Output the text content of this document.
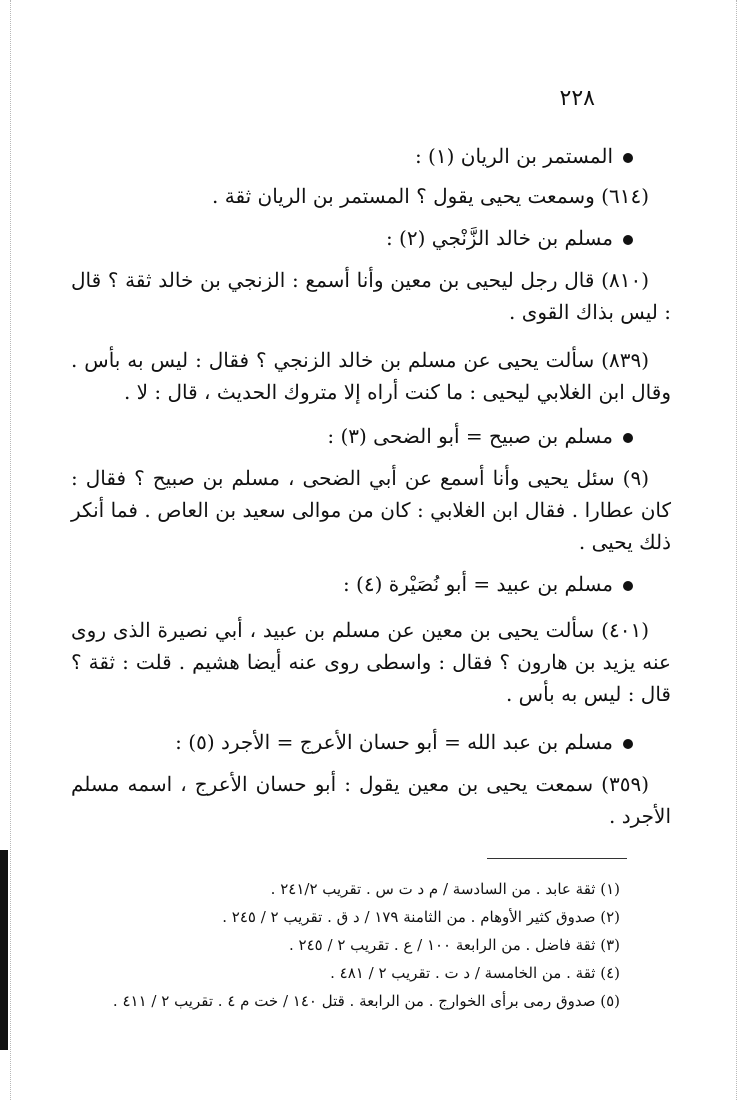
٢٢٨
المستمر بن الريان (١) :
(٦١٤) وسمعت يحيى يقول ؟ المستمر بن الريان ثقة .
مسلم بن خالد الزَّنْجي (٢) :
(٨١٠) قال رجل ليحيى بن معين وأنا أسمع : الزنجي بن خالد ثقة ؟ قال : ليس بذاك القوى .
(٨٣٩) سألت يحيى عن مسلم بن خالد الزنجي ؟ فقال : ليس به بأس . وقال ابن الغلابي ليحيى : ما كنت أراه إلا متروك الحديث ، قال : لا .
مسلم بن صبيح = أبو الضحى (٣) :
(٩) سئل يحيى وأنا أسمع عن أبي الضحى ، مسلم بن صبيح ؟ فقال : كان عطارا . فقال ابن الغلابي : كان من موالى سعيد بن العاص . فما أنكر ذلك يحيى .
مسلم بن عبيد = أبو نُصَيْرة (٤) :
(٤٠١) سألت يحيى بن معين عن مسلم بن عبيد ، أبي نصيرة الذى روى عنه يزيد بن هارون ؟ فقال : واسطى روى عنه أيضا هشيم . قلت : ثقة ؟ قال : ليس به بأس .
مسلم بن عبد الله = أبو حسان الأعرج = الأجرد (٥) :
(٣٥٩) سمعت يحيى بن معين يقول : أبو حسان الأعرج ، اسمه مسلم الأجرد .
(١) ثقة عابد . من السادسة / م د ت س . تقريب ٢٤١/٢ .
(٢) صدوق كثير الأوهام . من الثامنة ١٧٩ / د ق . تقريب ٢ / ٢٤٥ .
(٣) ثقة فاضل . من الرابعة ١٠٠ / ع . تقريب ٢ / ٢٤٥ .
(٤) ثقة . من الخامسة / د ت . تقريب ٢ / ٤٨١ .
(٥) صدوق رمى برأى الخوارج . من الرابعة . قتل ١٤٠ / خت م ٤ . تقريب ٢ / ٤١١ .
